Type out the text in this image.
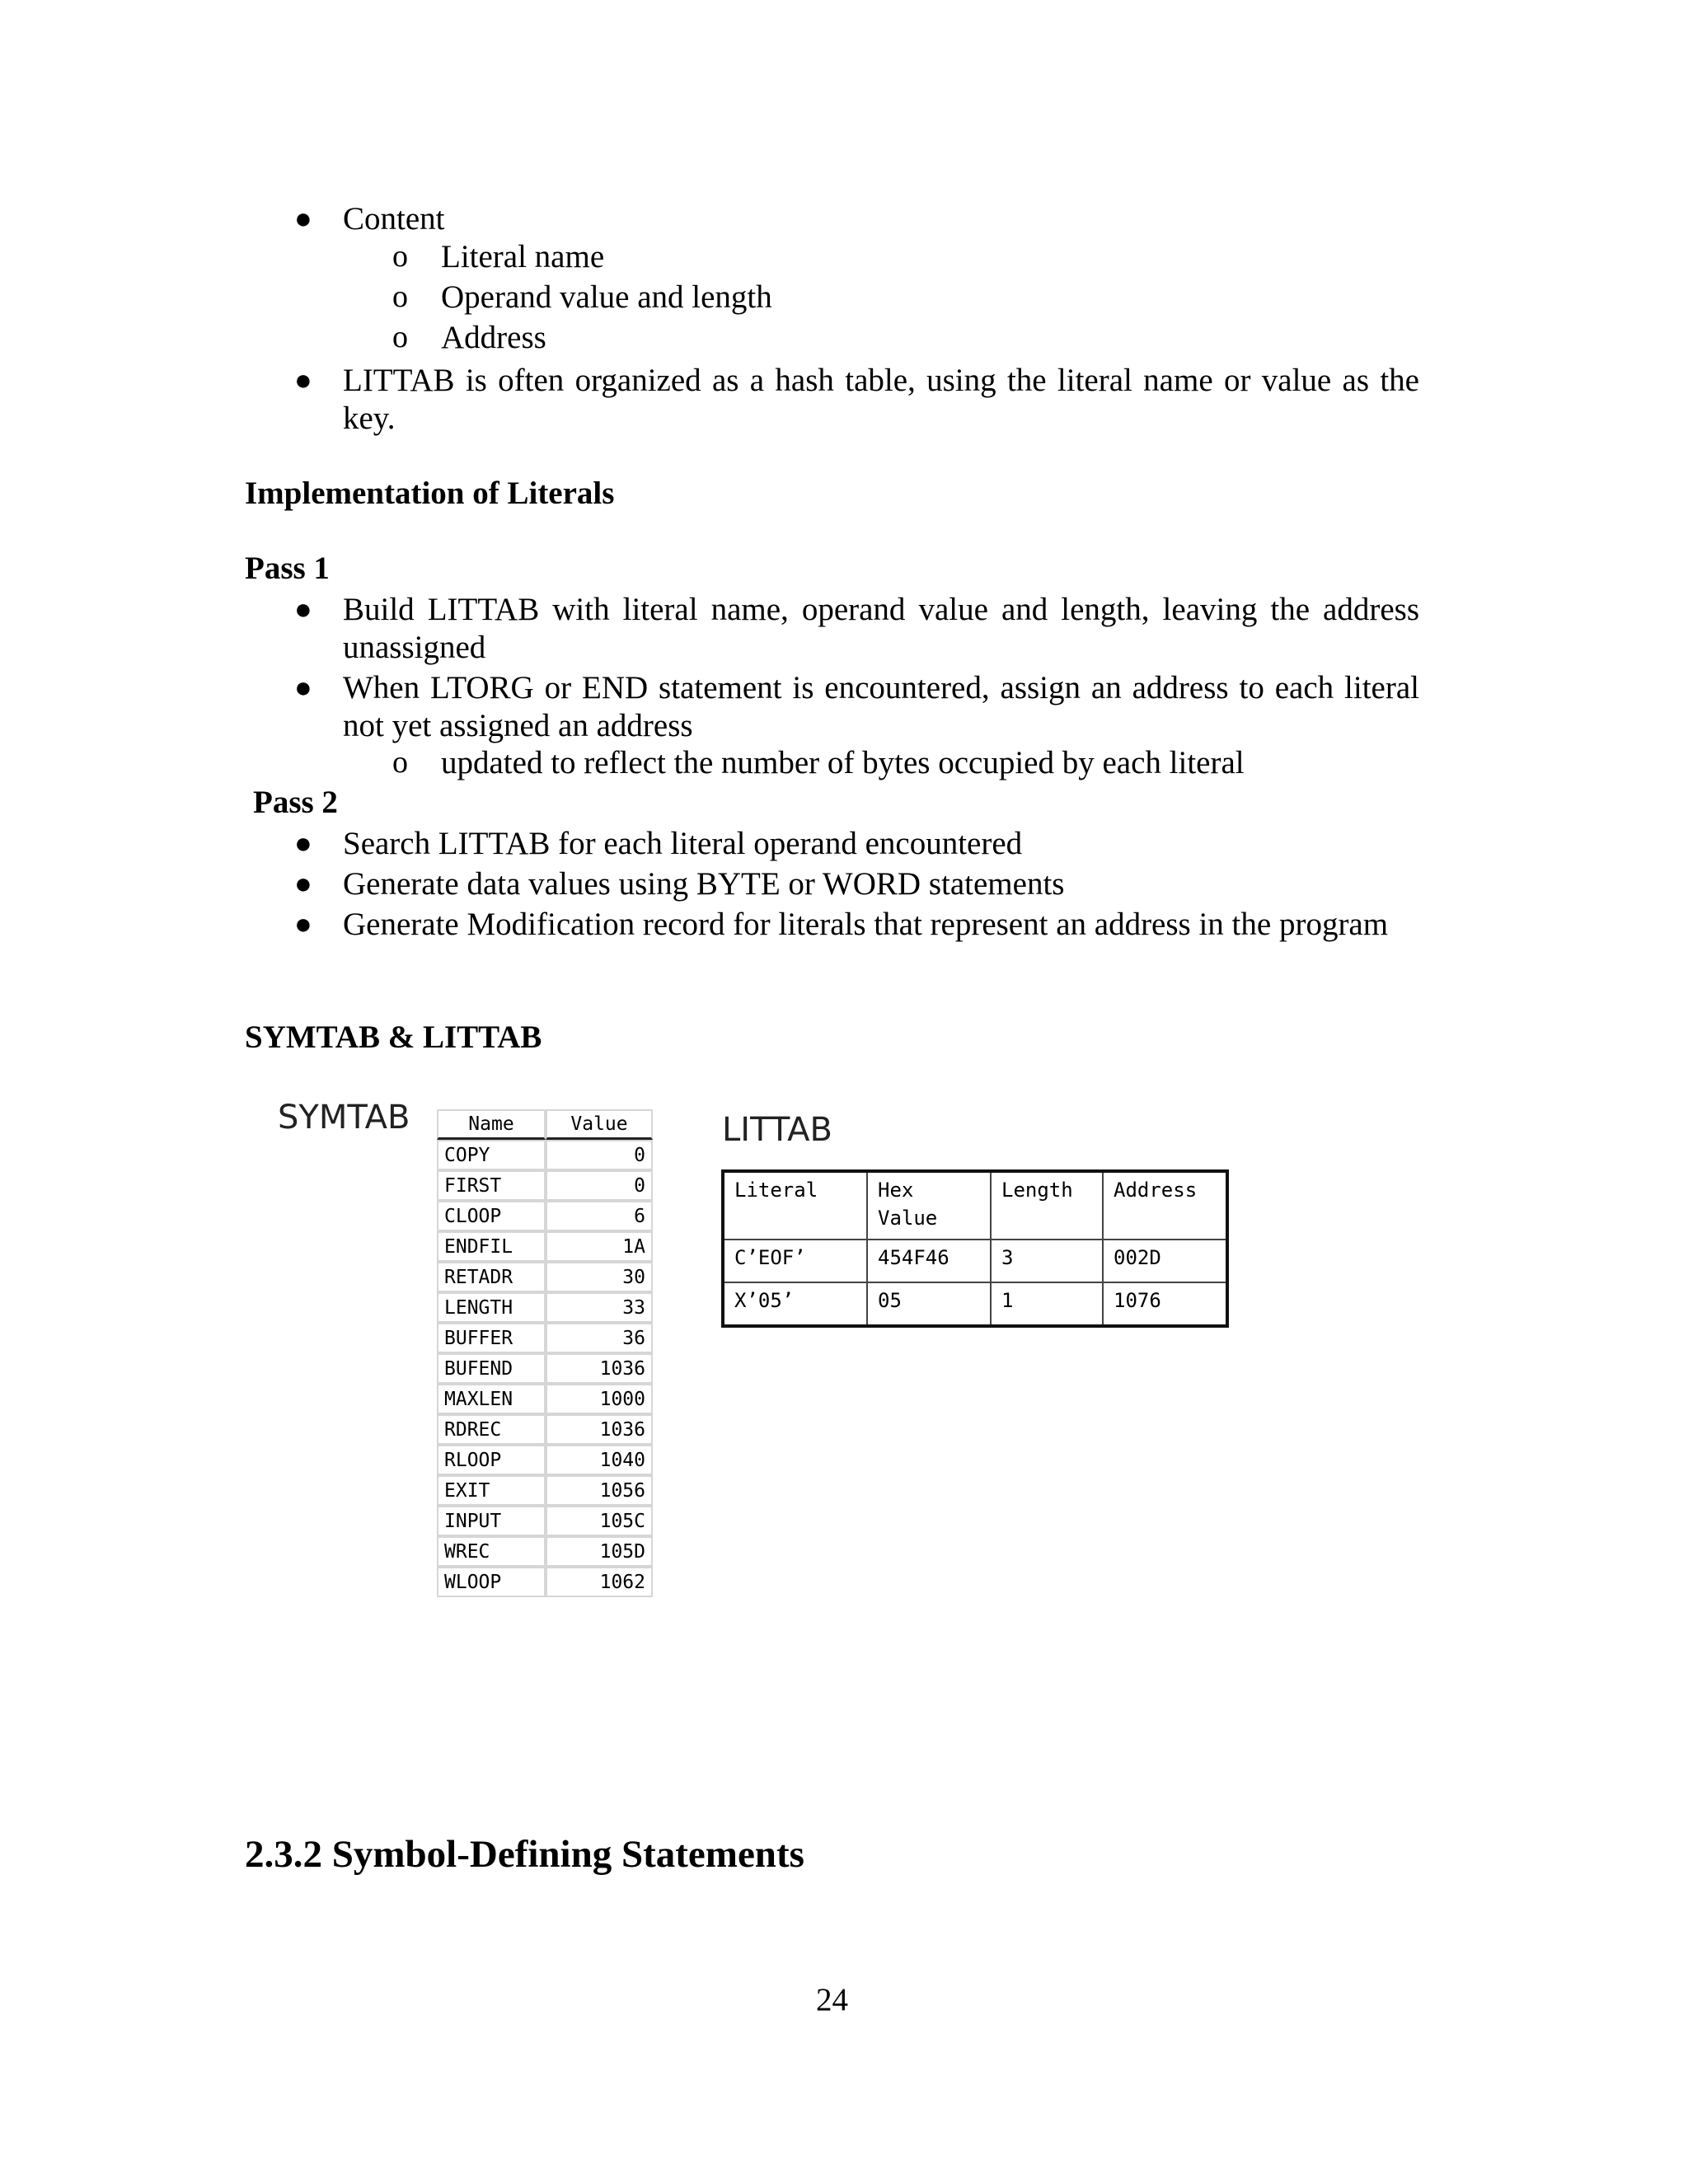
● Content
o Literal name
o Operand value and length
o Address
● LITTAB is often organized as a hash table, using the literal name or value as the
key.
Implementation of Literals
Pass 1
● Build LITTAB with literal name, operand value and length, leaving the address
unassigned
● When LTORG or END statement is encountered, assign an address to each literal
not yet assigned an address
o updated to reflect the number of bytes occupied by each literal
Pass 2
● Search LITTAB for each literal operand encountered
● Generate data values using BYTE or WORD statements
● Generate Modification record for literals that represent an address in the program
SYMTAB & LITTAB
SYMTAB	Name	Value
COPY	0
FIRST	0
CLOOP	6
ENDFIL	1A
RETADR	30
LENGTH	33
BUFFER	36
BUFEND	1036
MAXLEN	1000
RDREC	1036
RLOOP	1040
EXIT	1056
INPUT	105C
WREC	105D
WLOOP	1062
LITTAB
Literal	Hex Value	Length	Address
C’EOF’	454F46	3	002D
X’05’	05	1	1076
2.3.2 Symbol-Defining Statements
24
